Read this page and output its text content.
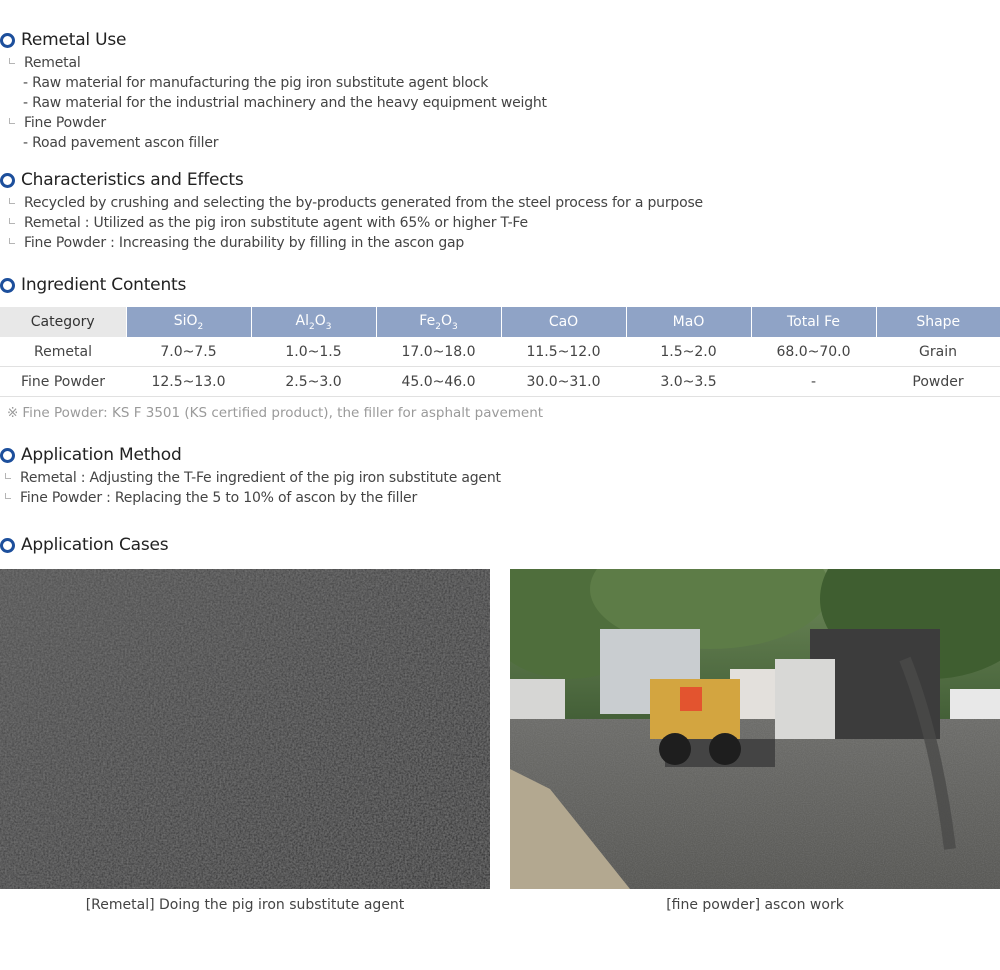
Remetal Use
Remetal
- Raw material for manufacturing the pig iron substitute agent block
- Raw material for the industrial machinery and the heavy equipment weight
Fine Powder
- Road pavement ascon filler
Characteristics and Effects
Recycled by crushing and selecting the by-products generated from the steel process for a purpose
Remetal : Utilized as the pig iron substitute agent with 65% or higher T-Fe
Fine Powder : Increasing the durability by filling in the ascon gap
Ingredient Contents
Category	SiO$_2$	$Al_2O_3$	$Fe_2O_3$	CaO	MaO	Total Fe	Shape
Remetal	7.0~7.5	1.0~1.5	17.0~18.0	11.5~12.0	1.5~2.0	68.0~70.0	Grain
Fine Powder	12.5~13.0	2.5~3.0	45.0~46.0	30.0~31.0	3.0~3.5	-	Powder
※ Fine Powder: KS F 3501 (KS certified product), the filler for asphalt pavement
Application Method
Remetal : Adjusting the T-Fe ingredient of the pig iron substitute agent
Fine Powder : Replacing the 5 to 10% of ascon by the filler
Application Cases
[Remetal] Doing the pig iron substitute agent	[fine powder] ascon work
